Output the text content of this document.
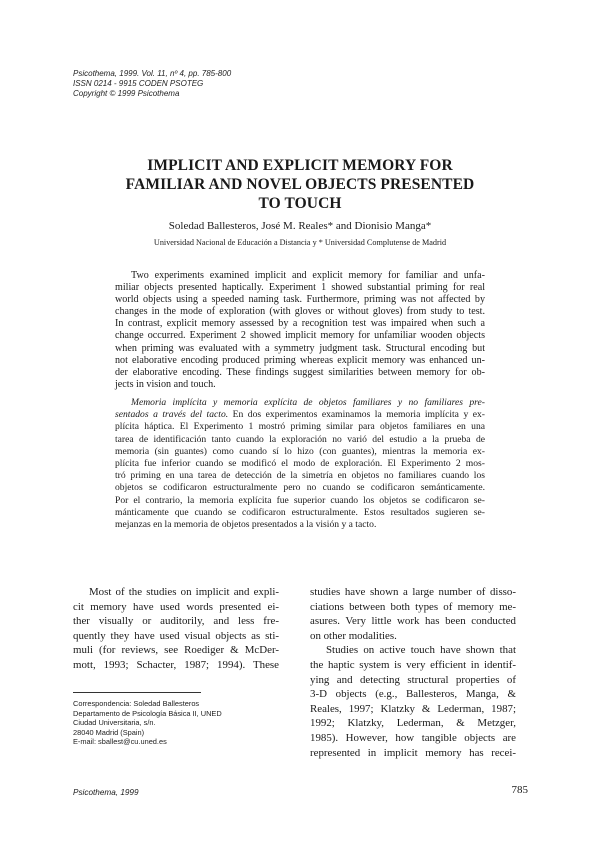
Psicothema, 1999. Vol. 11, nº 4, pp. 785-800
ISSN 0214 - 9915 CODEN PSOTEG
Copyright © 1999 Psicothema
IMPLICIT AND EXPLICIT MEMORY FOR
FAMILIAR AND NOVEL OBJECTS PRESENTED
TO TOUCH
Soledad Ballesteros, José M. Reales* and Dionisio Manga*
Universidad Nacional de Educación a Distancia y * Universidad Complutense de Madrid
Two experiments examined implicit and explicit memory for familiar and unfa-
miliar objects presented haptically. Experiment 1 showed substantial priming for real
world objects using a speeded naming task. Furthermore, priming was not affected by
changes in the mode of exploration (with gloves or without gloves) from study to test.
In contrast, explicit memory assessed by a recognition test was impaired when such a
change occurred. Experiment 2 showed implicit memory for unfamiliar wooden objects
when priming was evaluated with a symmetry judgment task. Structural encoding but
not elaborative encoding produced priming whereas explicit memory was enhanced un-
der elaborative encoding. These findings suggest similarities between memory for ob-
jects in vision and touch.
Memoria implícita y memoria explícita de objetos familiares y no familiares pre-
sentados a través del tacto. En dos experimentos examinamos la memoria implícita y ex-
plícita háptica. El Experimento 1 mostró priming similar para objetos familiares en una
tarea de identificación tanto cuando la exploración no varió del estudio a la prueba de
memoria (sin guantes) como cuando sí lo hizo (con guantes), mientras la memoria ex-
plícita fue inferior cuando se modificó el modo de exploración. El Experimento 2 mos-
tró priming en una tarea de detección de la simetría en objetos no familiares cuando los
objetos se codificaron estructuralmente pero no cuando se codificaron semánticamente.
Por el contrario, la memoria explícita fue superior cuando los objetos se codificaron se-
mánticamente que cuando se codificaron estructuralmente. Estos resultados sugieren se-
mejanzas en la memoria de objetos presentados a la visión y a tacto.
Most of the studies on implicit and expli-
cit memory have used words presented ei-
ther visually or auditorily, and less fre-
quently they have used visual objects as sti-
muli (for reviews, see Roediger & McDer-
mott, 1993; Schacter, 1987; 1994). These
studies have shown a large number of disso-
ciations between both types of memory me-
asures. Very little work has been conducted
on other modalities.
Studies on active touch have shown that
the haptic system is very efficient in identif-
ying and detecting structural properties of
3-D objects (e.g., Ballesteros, Manga, &
Reales, 1997; Klatzky & Lederman, 1987;
1992; Klatzky, Lederman, & Metzger,
1985). However, how tangible objects are
represented in implicit memory has recei-
Correspondencia: Soledad Ballesteros
Departamento de Psicología Básica II, UNED
Ciudad Universitaria, s/n.
28040 Madrid (Spain)
E-mail: sballest@cu.uned.es
Psicothema, 1999	785
